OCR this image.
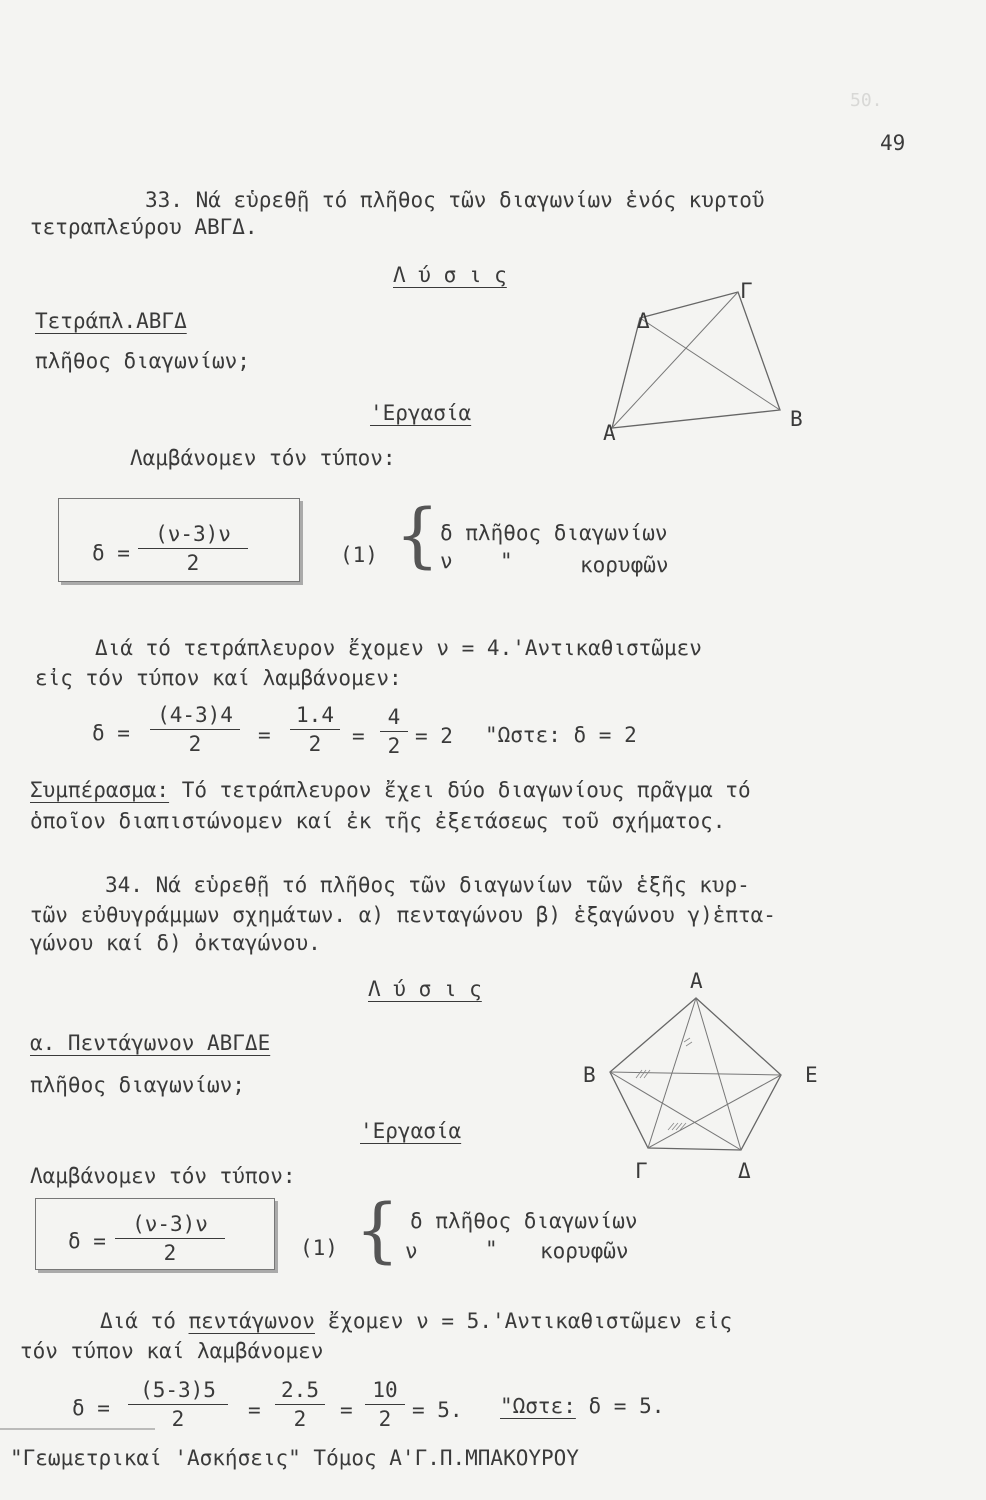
50.
49
33. Νά εὑρεθῇ τό πλῆθος τῶν διαγωνίων ἑνός κυρτοῦ
τετραπλεύρου ΑΒΓΔ.
Λ ύ σ ι ς
Τετράπλ.ΑΒΓΔ
πλῆθος διαγωνίων;
'Εργασία
Λαμβάνομεν τόν τύπον:
Γ
Δ
Β
Α
$\delta = \frac{(\nu-3)\nu}{2}$	(1) { δ πλῆθος διαγωνίων
ν "	κορυφῶν
Διά τό τετράπλευρον ἔχομεν ν = 4.'Αντικαθιστῶμεν
εἰς τόν τύπον καί λαμβάνομεν:
$\delta = \frac{(4-3)4}{2} = \frac{1.4}{2} = \frac{4}{2} = 2$ "Ωστε: δ = 2
Συμπέρασμα: Τό τετράπλευρον ἔχει δύο διαγωνίους πρᾶγμα τό
ὁποῖον διαπιστώνομεν καί ἐκ τῆς ἐξετάσεως τοῦ σχήματος.
34. Νά εὑρεθῇ τό πλῆθος τῶν διαγωνίων τῶν ἑξῆς κυρ-
τῶν εὐθυγράμμων σχημάτων. α) πενταγώνου β) ἑξαγώνου γ)ἑπτα-
γώνου καί δ) ὀκταγώνου.
Λ ύ σ ι ς
α. Πεντάγωνον ΑΒΓΔΕ
πλῆθος διαγωνίων;
Α
Β	Ε
Γ	Δ
'Εργασία
Λαμβάνομεν τόν τύπον:
$\delta = \frac{(\nu-3)\nu}{2}$	(1) { δ πλῆθος διαγωνίων
ν	" κορυφῶν
Διά τό πεντάγωνον ἔχομεν ν = 5.'Αντικαθιστῶμεν εἰς
τόν τύπον καί λαμβάνομεν
$\delta = \frac{(5-3)5}{2} = \frac{2.5}{2} = \frac{10}{2} = 5$. "Ωστε: δ = 5.
"Γεωμετρικαί 'Ασκήσεις" Τόμος Α'Γ.Π.ΜΠΑΚΟΥΡΟΥ
